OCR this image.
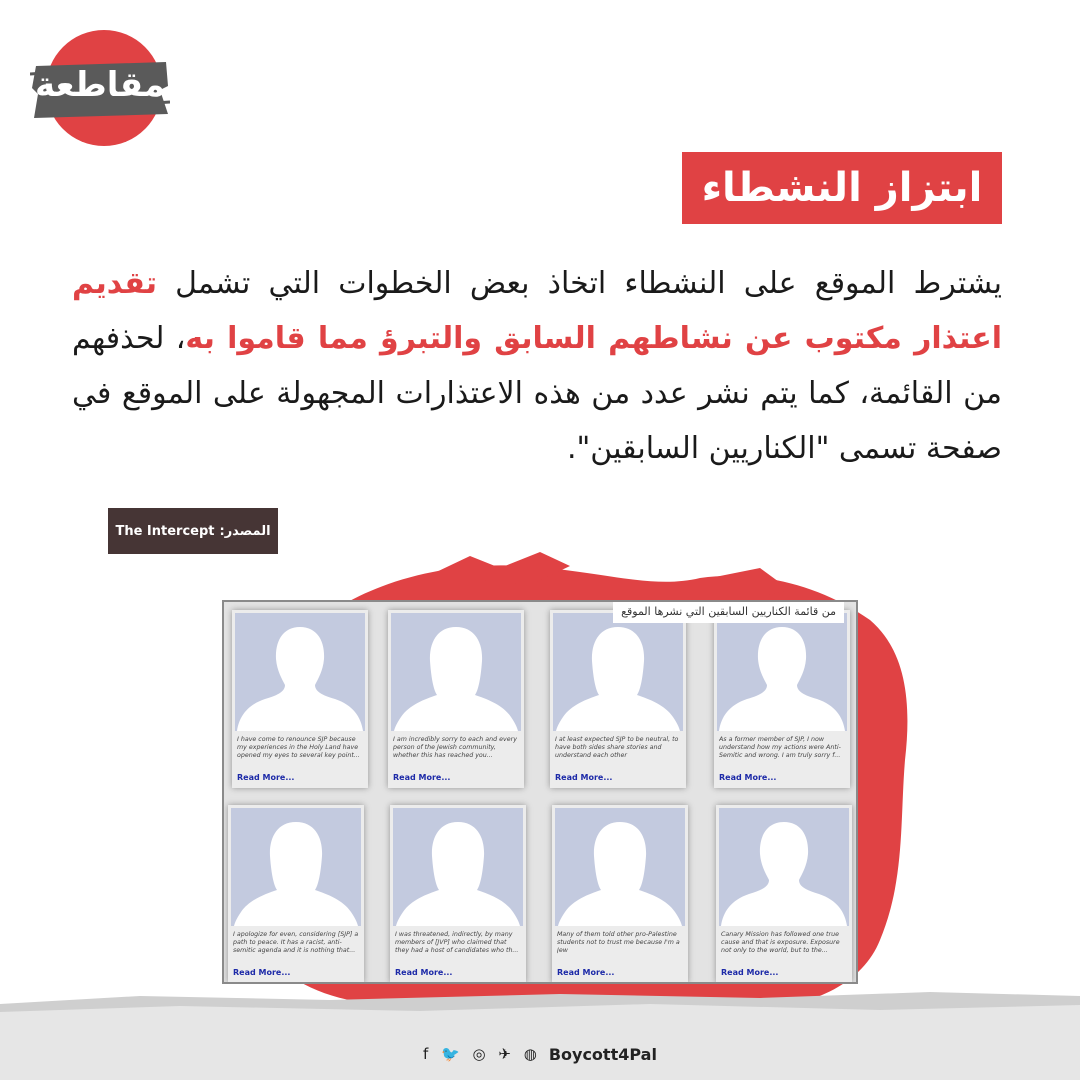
مقاطعة
ابتزاز النشطاء
يشترط الموقع على النشطاء اتخاذ بعض الخطوات التي تشمل تقديم اعتذار مكتوب عن نشاطهم السابق والتبرؤ مما قاموا به، لحذفهم من القائمة، كما يتم نشر عدد من هذه الاعتذارات المجهولة على الموقع في صفحة تسمى "الكناريين السابقين".
المصدر:
The Intercept
من قائمة الكناريين السابقين التي نشرها الموقع
I have come to renounce SJP because my experiences in the Holy Land have opened my eyes to several key point...
Read More...
I am incredibly sorry to each and every person of the Jewish community, whether this has reached you...
Read More...
I at least expected SJP to be neutral, to have both sides share stories and understand each other
Read More...
As a former member of SJP, I now understand how my actions were Anti-Semitic and wrong. I am truly sorry f...
Read More...
I apologize for even, considering [SJP] a path to peace. It has a racist, anti-semitic agenda and it is nothing that...
Read More...
I was threatened, indirectly, by many members of [JVP] who claimed that they had a host of candidates who th...
Read More...
Many of them told other pro-Palestine students not to trust me because I'm a Jew
Read More...
Canary Mission has followed one true cause and that is exposure. Exposure not only to the world, but to the...
Read More...
f 🐦 ◎ ✈ ◍ Boycott4Pal
